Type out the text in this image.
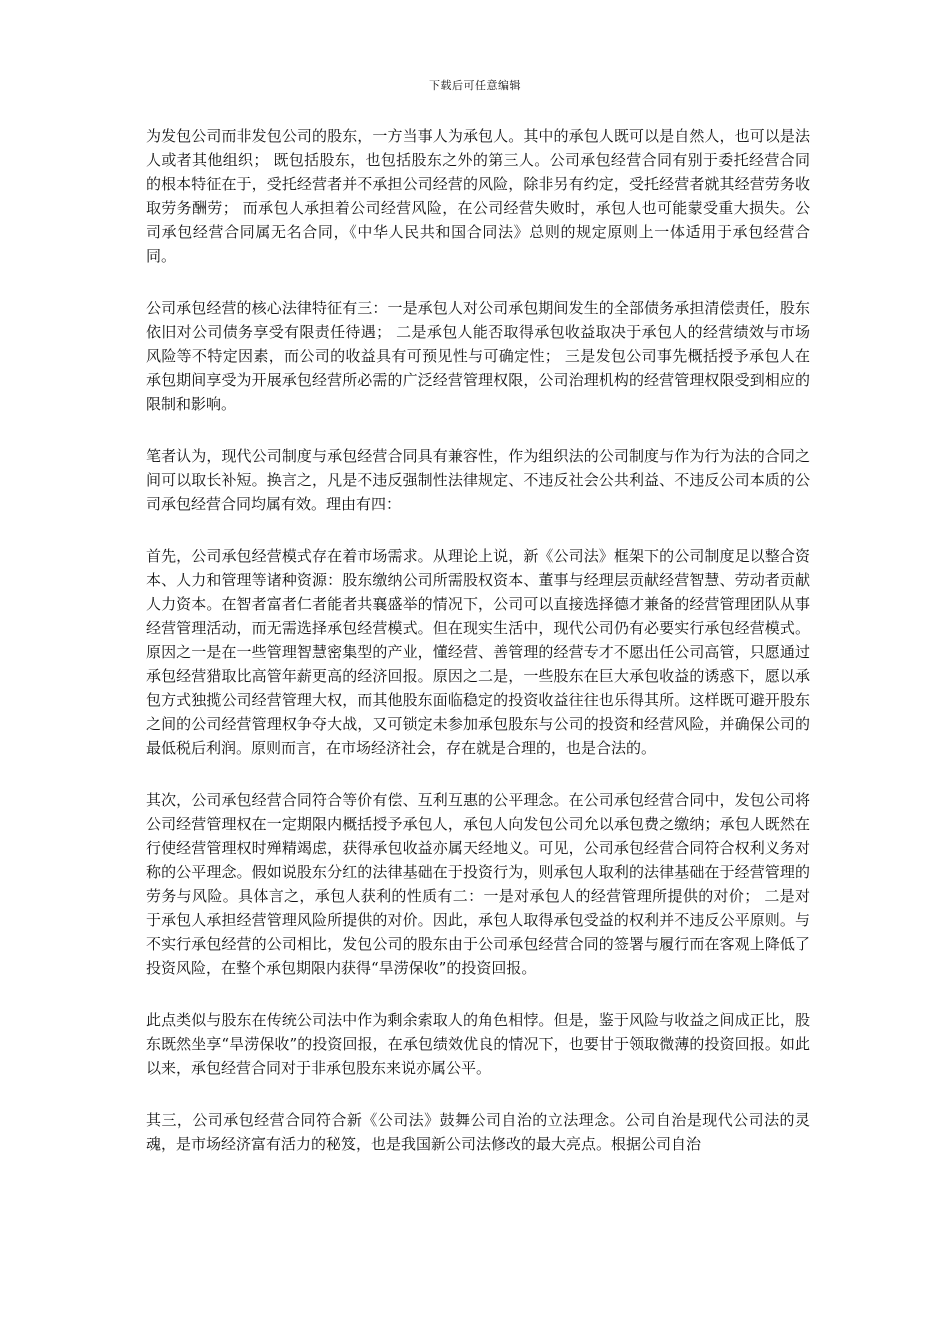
下载后可任意编辑

为发包公司而非发包公司的股东，一方当事人为承包人。其中的承包人既可以是自然人，也可以是法人或者其他组织； 既包括股东，也包括股东之外的第三人。公司承包经营合同有别于委托经营合同的根本特征在于，受托经营者并不承担公司经营的风险，除非另有约定，受托经营者就其经营劳务收取劳务酬劳； 而承包人承担着公司经营风险，在公司经营失败时，承包人也可能蒙受重大损失。公司承包经营合同属无名合同，《中华人民共和国合同法》总则的规定原则上一体适用于承包经营合同。

公司承包经营的核心法律特征有三：一是承包人对公司承包期间发生的全部债务承担清偿责任，股东依旧对公司债务享受有限责任待遇； 二是承包人能否取得承包收益取决于承包人的经营绩效与市场风险等不特定因素，而公司的收益具有可预见性与可确定性； 三是发包公司事先概括授予承包人在承包期间享受为开展承包经营所必需的广泛经营管理权限，公司治理机构的经营管理权限受到相应的限制和影响。

笔者认为，现代公司制度与承包经营合同具有兼容性，作为组织法的公司制度与作为行为法的合同之间可以取长补短。换言之，凡是不违反强制性法律规定、不违反社会公共利益、不违反公司本质的公司承包经营合同均属有效。理由有四：

首先，公司承包经营模式存在着市场需求。从理论上说，新《公司法》框架下的公司制度足以整合资本、人力和管理等诸种资源：股东缴纳公司所需股权资本、董事与经理层贡献经营智慧、劳动者贡献人力资本。在智者富者仁者能者共襄盛举的情况下，公司可以直接选择德才兼备的经营管理团队从事经营管理活动，而无需选择承包经营模式。但在现实生活中，现代公司仍有必要实行承包经营模式。原因之一是在一些管理智慧密集型的产业，懂经营、善管理的经营专才不愿出任公司高管，只愿通过承包经营猎取比高管年薪更高的经济回报。原因之二是，一些股东在巨大承包收益的诱惑下，愿以承包方式独揽公司经营管理大权，而其他股东面临稳定的投资收益往往也乐得其所。这样既可避开股东之间的公司经营管理权争夺大战，又可锁定未参加承包股东与公司的投资和经营风险，并确保公司的最低税后利润。原则而言，在市场经济社会，存在就是合理的，也是合法的。

其次，公司承包经营合同符合等价有偿、互利互惠的公平理念。在公司承包经营合同中，发包公司将公司经营管理权在一定期限内概括授予承包人，承包人向发包公司允以承包费之缴纳；承包人既然在行使经营管理权时殚精竭虑，获得承包收益亦属天经地义。可见，公司承包经营合同符合权利义务对称的公平理念。假如说股东分红的法律基础在于投资行为，则承包人取利的法律基础在于经营管理的劳务与风险。具体言之，承包人获利的性质有二：一是对承包人的经营管理所提供的对价； 二是对于承包人承担经营管理风险所提供的对价。因此，承包人取得承包受益的权利并不违反公平原则。与不实行承包经营的公司相比，发包公司的股东由于公司承包经营合同的签署与履行而在客观上降低了投资风险，在整个承包期限内获得“旱涝保收”的投资回报。

此点类似与股东在传统公司法中作为剩余索取人的角色相悖。但是，鉴于风险与收益之间成正比，股东既然坐享“旱涝保收”的投资回报，在承包绩效优良的情况下，也要甘于领取微薄的投资回报。如此以来，承包经营合同对于非承包股东来说亦属公平。

其三，公司承包经营合同符合新《公司法》鼓舞公司自治的立法理念。公司自治是现代公司法的灵魂，是市场经济富有活力的秘笈，也是我国新公司法修改的最大亮点。根据公司自治
